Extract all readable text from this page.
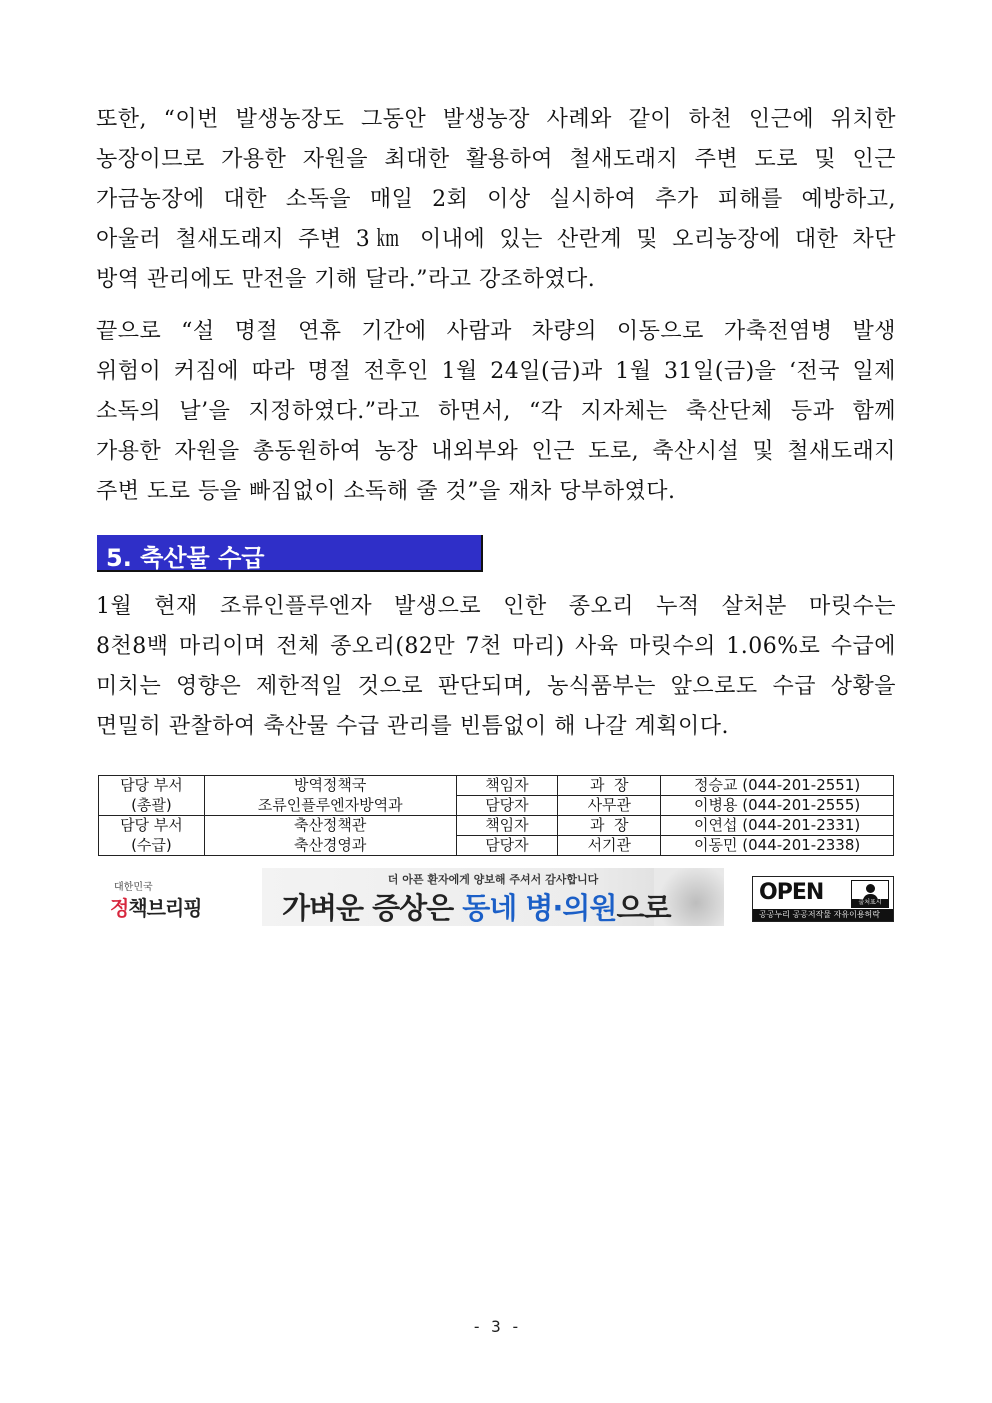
또한, “이번 발생농장도 그동안 발생농장 사례와 같이 하천 인근에 위치한
농장이므로 가용한 자원을 최대한 활용하여 철새도래지 주변 도로 및 인근
가금농장에 대한 소독을 매일 2회 이상 실시하여 추가 피해를 예방하고,
아울러 철새도래지 주변 3㎞ 이내에 있는 산란계 및 오리농장에 대한 차단
방역 관리에도 만전을 기해 달라.”라고 강조하였다.
끝으로 “설 명절 연휴 기간에 사람과 차량의 이동으로 가축전염병 발생
위험이 커짐에 따라 명절 전후인 1월 24일(금)과 1월 31일(금)을 ‘전국 일제
소독의 날’을 지정하였다.”라고 하면서, “각 지자체는 축산단체 등과 함께
가용한 자원을 총동원하여 농장 내외부와 인근 도로, 축산시설 및 철새도래지
주변 도로 등을 빠짐없이 소독해 줄 것”을 재차 당부하였다.
5. 축산물 수급
1월 현재 조류인플루엔자 발생으로 인한 종오리 누적 살처분 마릿수는
8천8백 마리이며 전체 종오리(82만 7천 마리) 사육 마릿수의 1.06%로 수급에
미치는 영향은 제한적일 것으로 판단되며, 농식품부는 앞으로도 수급 상황을
면밀히 관찰하여 축산물 수급 관리를 빈틈없이 해 나갈 계획이다.
담당 부서	방역정책국	책임자	과  장	정승교 (044-201-2551)
(총괄)	조류인플루엔자방역과	담당자	사무관	이병용 (044-201-2555)
담당 부서	축산정책관	책임자	과  장	이연섭 (044-201-2331)
(수급)	축산경영과	담당자	서기관	이동민 (044-201-2338)
대한민국
정책브리핑
더 아픈 환자에게 양보해 주셔서 감사합니다
가벼운 증상은 동네 병·의원으로	OPEN	출처표시
공공누리 공공저작물 자유이용허락
- 3 -
